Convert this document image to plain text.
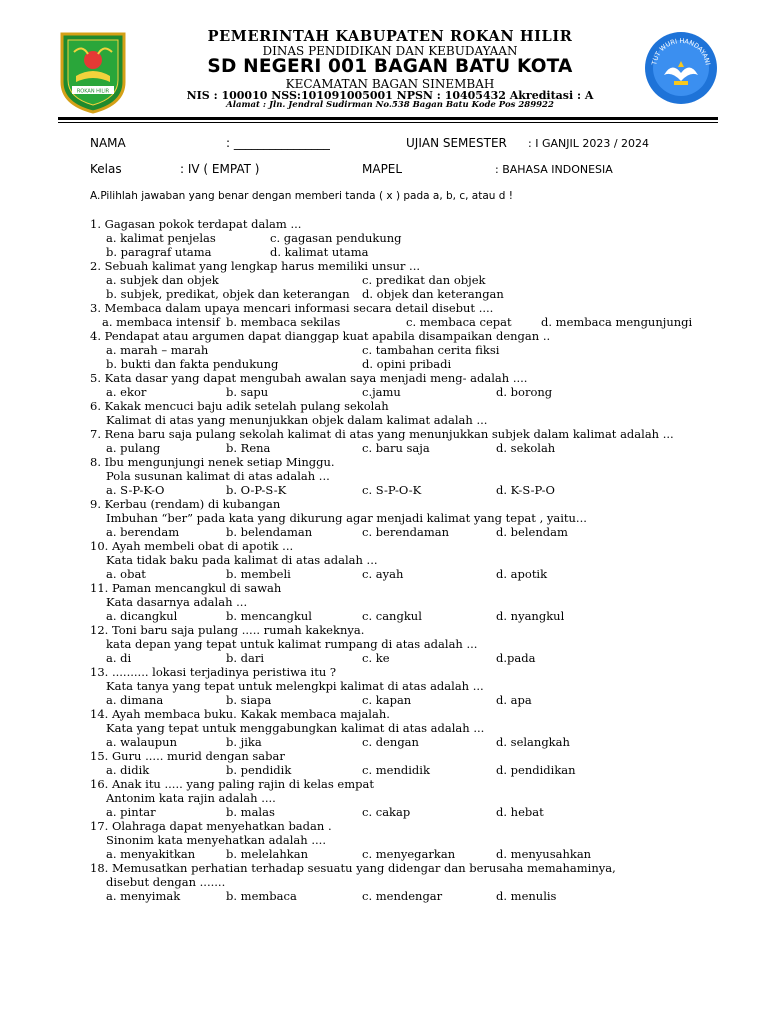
ROKAN HILIR
PEMERINTAH KABUPATEN ROKAN HILIR
DINAS PENDIDIKAN DAN KEBUDAYAAN
SD NEGERI 001 BAGAN BATU KOTA
KECAMATAN BAGAN SINEMBAH
NIS : 100010 NSS:101091005001 NPSN : 10405432 Akreditasi : A
Alamat : Jln. Jendral Sudirman No.538 Bagan Batu Kode Pos 289922
TUT WURI HANDAYANI
NAMA	: ________________	UJIAN SEMESTER : I GANJIL 2023 / 2024
Kelas	: IV ( EMPAT )	MAPEL	: BAHASA INDONESIA
A.Pilihlah jawaban yang benar dengan memberi tanda ( x ) pada a, b, c, atau d !
1. Gagasan pokok terdapat dalam ...
a. kalimat penjelas	c. gagasan pendukung
b. paragraf utama	d. kalimat utama
2. Sebuah kalimat yang lengkap harus memiliki unsur ...
a. subjek dan objek	c. predikat dan objek
b. subjek, predikat, objek dan keterangan d. objek dan keterangan
3. Membaca dalam upaya mencari informasi secara detail disebut ....
a. membaca intensif b. membaca sekilas	c. membaca cepat	d. membaca mengunjungi
4. Pendapat atau argumen dapat dianggap kuat apabila disampaikan dengan ..
a. marah – marah	c. tambahan cerita fiksi
b. bukti dan fakta pendukung	d. opini pribadi
5. Kata dasar yang dapat mengubah awalan saya menjadi meng- adalah ....
a. ekor	b. sapu	c.jamu	d. borong
6. Kakak mencuci baju adik setelah pulang sekolah
Kalimat di atas yang menunjukkan objek dalam kalimat adalah ...
7. Rena baru saja pulang sekolah kalimat di atas yang menunjukkan subjek dalam kalimat adalah ...
a. pulang	b. Rena	c. baru saja	d. sekolah
8. Ibu mengunjungi nenek setiap Minggu.
Pola susunan kalimat di atas adalah ...
a. S-P-K-O	b. O-P-S-K	c. S-P-O-K	d. K-S-P-O
9. Kerbau (rendam) di kubangan
Imbuhan “ber” pada kata yang dikurung agar menjadi kalimat yang tepat , yaitu...
a. berendam	b. belendaman	c. berendaman	d. belendam
10. Ayah membeli obat di apotik ...
Kata tidak baku pada kalimat di atas adalah ...
a. obat	b. membeli	c. ayah	d. apotik
11. Paman mencangkul di sawah
Kata dasarnya adalah ...
a. dicangkul	b. mencangkul	c. cangkul	d. nyangkul
12. Toni baru saja pulang ..... rumah kakeknya.
kata depan yang tepat untuk kalimat rumpang di atas adalah ...
a. di	b. dari	c. ke	d.pada
13. .......... lokasi terjadinya peristiwa itu ?
Kata tanya yang tepat untuk melengkpi kalimat di atas adalah ...
a. dimana	b. siapa	c. kapan	d. apa
14. Ayah membaca buku. Kakak membaca majalah.
Kata yang tepat untuk menggabungkan kalimat di atas adalah ...
a. walaupun	b. jika	c. dengan	d. selangkah
15. Guru ..... murid dengan sabar
a. didik	b. pendidik	c. mendidik	d. pendidikan
16. Anak itu ..... yang paling rajin di kelas empat
Antonim kata rajin adalah ....
a. pintar	b. malas	c. cakap	d. hebat
17. Olahraga dapat menyehatkan badan .
Sinonim kata menyehatkan adalah ....
a. menyakitkan	b. melelahkan	c. menyegarkan	d. menyusahkan
18. Memusatkan perhatian terhadap sesuatu yang didengar dan berusaha memahaminya,
disebut dengan .......
a. menyimak	b. membaca	c. mendengar	d. menulis
